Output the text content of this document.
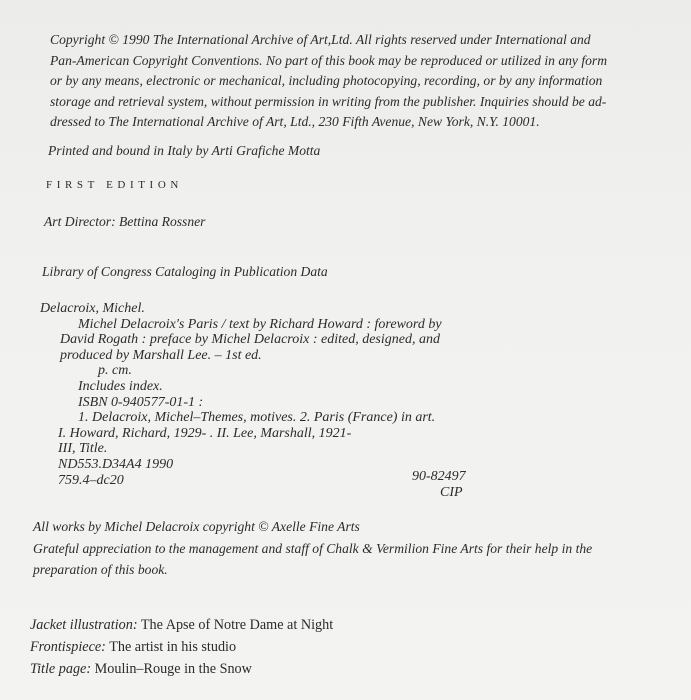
Copyright © 1990 The International Archive of Art,Ltd. All rights reserved under International and
Pan-American Copyright Conventions. No part of this book may be reproduced or utilized in any form
or by any means, electronic or mechanical, including photocopying, recording, or by any information
storage and retrieval system, without permission in writing from the publisher. Inquiries should be ad-
dressed to The International Archive of Art, Ltd., 230 Fifth Avenue, New York, N.Y. 10001.
Printed and bound in Italy by Arti Grafiche Motta
FIRST EDITION
Art Director: Bettina Rossner
Library of Congress Cataloging in Publication Data
Delacroix, Michel.
Michel Delacroix's Paris / text by Richard Howard : foreword by
David Rogath : preface by Michel Delacroix : edited, designed, and
produced by Marshall Lee. – 1st ed.
p. cm.
Includes index.
ISBN 0-940577-01-1 :
1. Delacroix, Michel–Themes, motives. 2. Paris (France) in art.
I. Howard, Richard, 1929- . II. Lee, Marshall, 1921-
III, Title.
ND553.D34A4 1990
759.4–dc20	90-82497
CIP
All works by Michel Delacroix copyright © Axelle Fine Arts
Grateful appreciation to the management and staff of Chalk & Vermilion Fine Arts for their help in the
preparation of this book.
Jacket illustration: The Apse of Notre Dame at Night
Frontispiece: The artist in his studio
Title page: Moulin–Rouge in the Snow
